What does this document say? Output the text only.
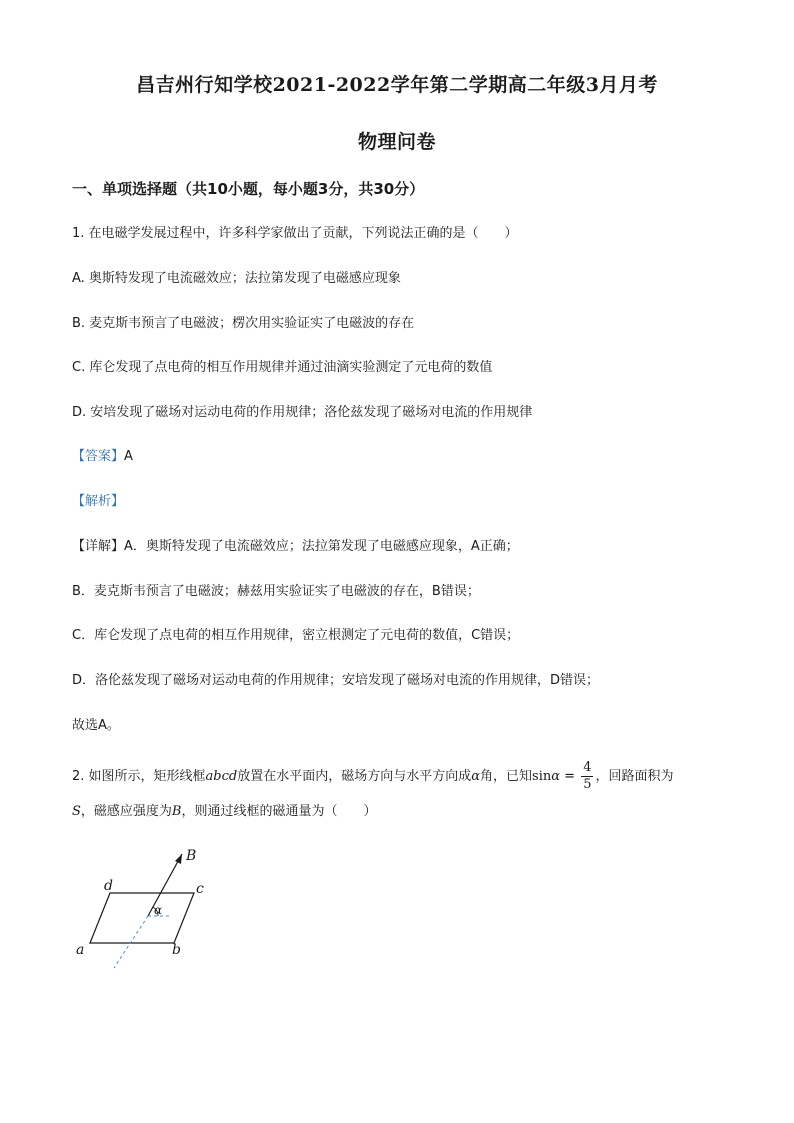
昌吉州行知学校2021-2022学年第二学期高二年级3月月考
物理问卷
一、单项选择题（共10小题，每小题3分，共30分）
1. 在电磁学发展过程中，许多科学家做出了贡献，下列说法正确的是（　　）
A. 奥斯特发现了电流磁效应；法拉第发现了电磁感应现象
B. 麦克斯韦预言了电磁波；楞次用实验证实了电磁波的存在
C. 库仑发现了点电荷的相互作用规律并通过油滴实验测定了元电荷的数值
D. 安培发现了磁场对运动电荷的作用规律；洛伦兹发现了磁场对电流的作用规律
【答案】A
【解析】
【详解】A．奥斯特发现了电流磁效应；法拉第发现了电磁感应现象，A正确；
B．麦克斯韦预言了电磁波；赫兹用实验证实了电磁波的存在，B错误；
C．库仑发现了点电荷的相互作用规律，密立根测定了元电荷的数值，C错误；
D．洛伦兹发现了磁场对运动电荷的作用规律；安培发现了磁场对电流的作用规律，D错误；
故选A。
2. 如图所示，矩形线框abcd放置在水平面内，磁场方向与水平方向成α角，已知$\sin\alpha = \frac{4}{5}$ ，回路面积为
S，磁感应强度为B，则通过线框的磁通量为（　　）
B
a	b
c
d
α
